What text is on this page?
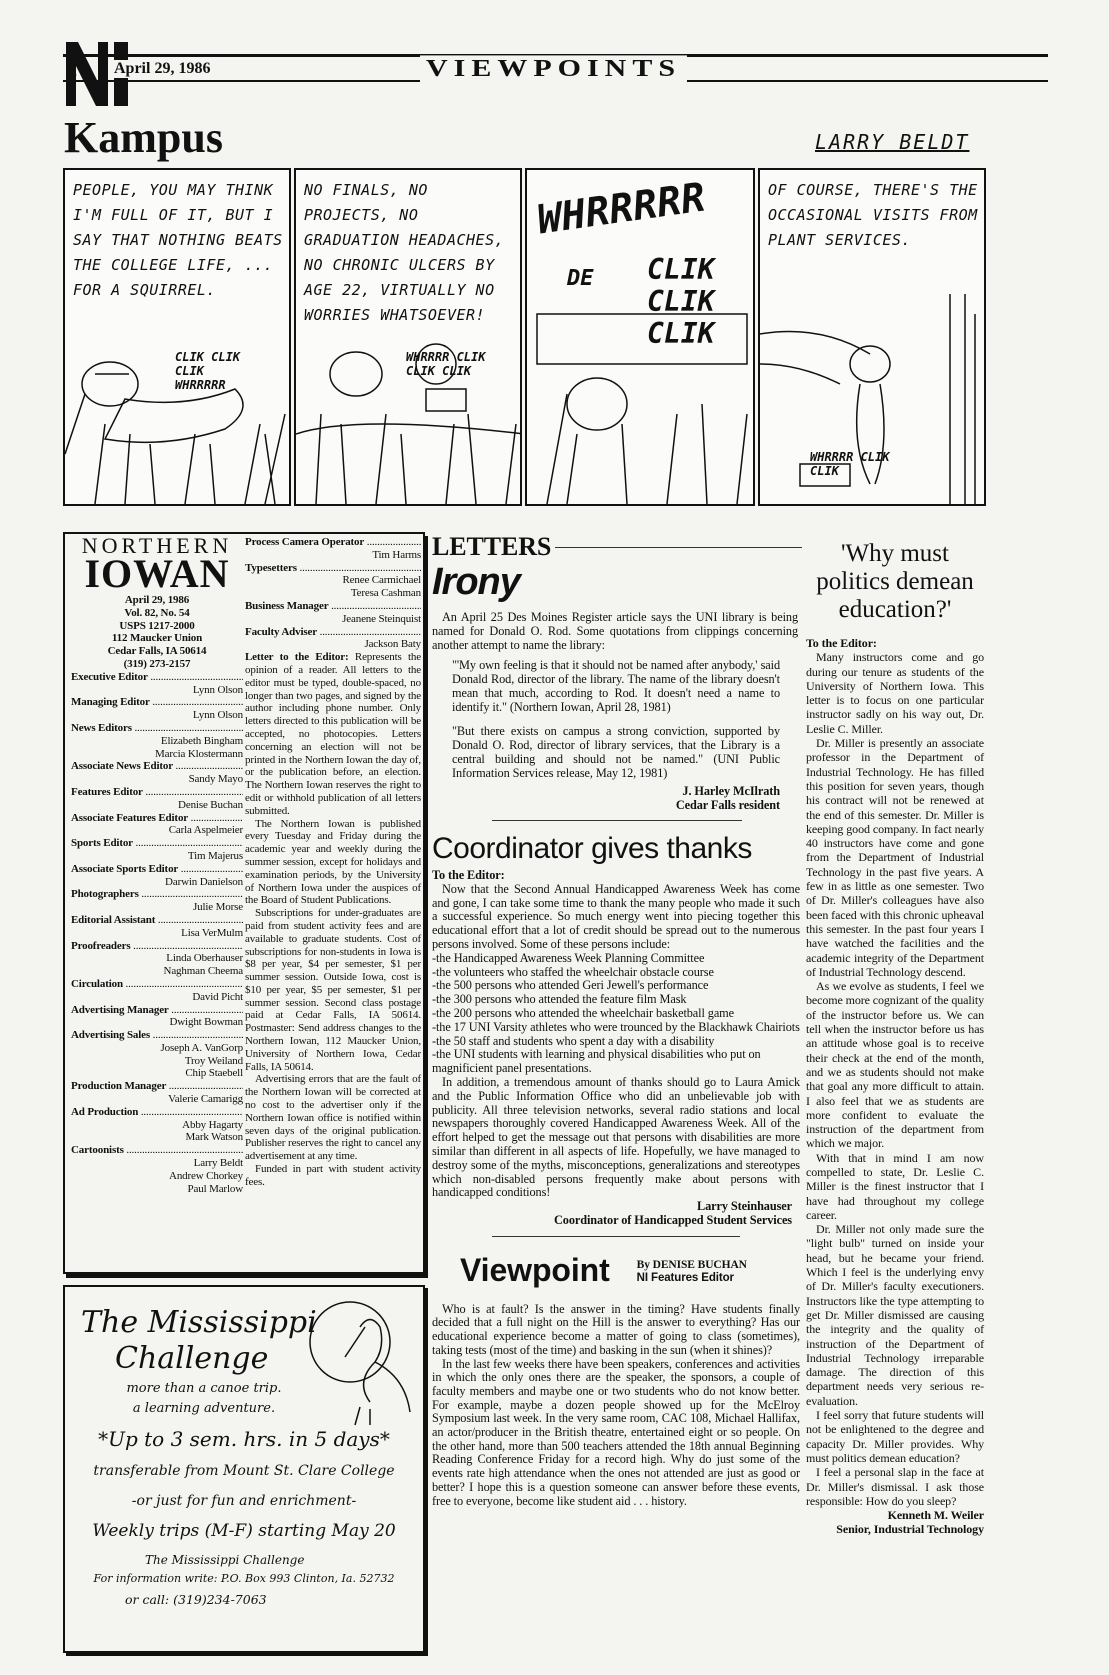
2 April 29, 1986	VIEWPOINTS
Kampus	LARRY BELDT
PEOPLE, YOU MAY THINK I'M FULL OF IT, BUT I SAY THAT NOTHING BEATS THE COLLEGE LIFE, ... FOR A SQUIRREL.
CLIK CLIK CLIK WHRRRRR
NO FINALS, NO PROJECTS, NO GRADUATION HEADACHES, NO CHRONIC ULCERS BY AGE 22, VIRTUALLY NO WORRIES WHATSOEVER!
WHRRRR CLIK CLIK CLIK
WHRRRRR
CLIK CLIK CLIK
DE
OF COURSE, THERE'S THE OCCASIONAL VISITS FROM PLANT SERVICES.
WHRRRR CLIK CLIK
NORTHERN
IOWAN
April 29, 1986
Vol. 82, No. 54
USPS 1217-2000
112 Maucker Union
Cedar Falls, IA 50614
(319) 273-2157
Executive Editor .....
Lynn Olson
Managing Editor .....
Lynn Olson
News Editors .....
Elizabeth Bingham
Marcia Klostermann
Associate News Editor .....
Sandy Mayo
Features Editor .....
Denise Buchan
Associate Features Editor .....
Carla Aspelmeier
Sports Editor .....
Tim Majerus
Associate Sports Editor .....
Darwin Danielson
Photographers .....
Julie Morse
Editorial Assistant .....
Lisa VerMulm
Proofreaders .....
Linda Oberhauser
Naghman Cheema
Circulation .....
David Picht
Advertising Manager .....
Dwight Bowman
Advertising Sales .....
Joseph A. VanGorp
Troy Weiland
Chip Staebell
Production Manager .....
Valerie Camarigg
Ad Production .....
Abby Hagarty
Mark Watson
Cartoonists .....
Larry Beldt
Andrew Chorkey
Paul Marlow
Process Camera Operator .....
Tim Harms
Typesetters .....
Renee Carmichael
Teresa Cashman
Business Manager .....
Jeanene Steinquist
Faculty Adviser .....
Jackson Baty
Letter to the Editor: Represents the opinion of a reader. All letters to the editor must be typed, double-spaced, no longer than two pages, and signed by the author including phone number. Only letters directed to this publication will be accepted, no photocopies. Letters concerning an election will not be printed in the Northern Iowan the day of, or the publication before, an election. The Northern Iowan reserves the right to edit or withhold publication of all letters submitted.
The Northern Iowan is published every Tuesday and Friday during the academic year and weekly during the summer session, except for holidays and examination periods, by the University of Northern Iowa under the auspices of the Board of Student Publications.
Subscriptions for under-graduates are paid from student activity fees and are available to graduate students. Cost of subscriptions for non-students in Iowa is $8 per year, $4 per semester, $1 per summer session. Outside Iowa, cost is $10 per year, $5 per semester, $1 per summer session. Second class postage paid at Cedar Falls, IA 50614. Postmaster: Send address changes to the Northern Iowan, 112 Maucker Union, University of Northern Iowa, Cedar Falls, IA 50614.
Advertising errors that are the fault of the Northern Iowan will be corrected at no cost to the advertiser only if the Northern Iowan office is notified within seven days of the original publication. Publisher reserves the right to cancel any advertisement at any time.
Funded in part with student activity fees.
The Mississippi
Challenge
more than a canoe trip.
a learning adventure.
*Up to 3 sem. hrs. in 5 days*
transferable from Mount St. Clare College
-or just for fun and enrichment-
Weekly trips (M-F) starting May 20
The Mississippi Challenge
For information write: P.O. Box 993 Clinton, Ia. 52732
or call: (319)234-7063
LETTERS
Irony
An April 25 Des Moines Register article says the UNI library is being named for Donald O. Rod. Some quotations from clippings concerning another attempt to name the library:
"'My own feeling is that it should not be named after anybody,' said Donald Rod, director of the library. The name of the library doesn't mean that much, according to Rod. It doesn't need a name to identify it." (Northern Iowan, April 28, 1981)
"But there exists on campus a strong conviction, supported by Donald O. Rod, director of library services, that the Library is a central building and should not be named." (UNI Public Information Services release, May 12, 1981)
J. Harley McIlrath
Cedar Falls resident
Coordinator gives thanks
To the Editor:
Now that the Second Annual Handicapped Awareness Week has come and gone, I can take some time to thank the many people who made it such a successful experience. So much energy went into piecing together this educational effort that a lot of credit should be spread out to the numerous persons involved. Some of these persons include:
-the Handicapped Awareness Week Planning Committee
-the volunteers who staffed the wheelchair obstacle course
-the 500 persons who attended Geri Jewell's performance
-the 300 persons who attended the feature film Mask
-the 200 persons who attended the wheelchair basketball game
-the 17 UNI Varsity athletes who were trounced by the Blackhawk Chairiots
-the 50 staff and students who spent a day with a disability
-the UNI students with learning and physical disabilities who put on magnificient panel presentations.
In addition, a tremendous amount of thanks should go to Laura Amick and the Public Information Office who did an unbelievable job with publicity. All three television networks, several radio stations and local newspapers thoroughly covered Handicapped Awareness Week. All of the effort helped to get the message out that persons with disabilities are more similar than different in all aspects of life. Hopefully, we have managed to destroy some of the myths, misconceptions, generalizations and stereotypes which non-disabled persons frequently make about persons with handicapped conditions!
Larry Steinhauser
Coordinator of Handicapped Student Services
Viewpoint By DENISE BUCHAN
NI Features Editor
Who is at fault? Is the answer in the timing? Have students finally decided that a full night on the Hill is the answer to everything? Has our educational experience become a matter of going to class (sometimes), taking tests (most of the time) and basking in the sun (when it shines)?
In the last few weeks there have been speakers, conferences and activities in which the only ones there are the speaker, the sponsors, a couple of faculty members and maybe one or two students who do not know better. For example, maybe a dozen people showed up for the McElroy Symposium last week. In the very same room, CAC 108, Michael Hallifax, an actor/producer in the British theatre, entertained eight or so people. On the other hand, more than 500 teachers attended the 18th annual Beginning Reading Conference Friday for a record high. Why do just some of the events rate high attendance when the ones not attended are just as good or better? I hope this is a question someone can answer before these events, free to everyone, become like student aid . . . history.
'Why must politics demean education?'
To the Editor:
Many instructors come and go during our tenure as students of the University of Northern Iowa. This letter is to focus on one particular instructor sadly on his way out, Dr. Leslie C. Miller.
Dr. Miller is presently an associate professor in the Department of Industrial Technology. He has filled this position for seven years, though his contract will not be renewed at the end of this semester. Dr. Miller is keeping good company. In fact nearly 40 instructors have come and gone from the Department of Industrial Technology in the past five years. A few in as little as one semester. Two of Dr. Miller's colleagues have also been faced with this chronic upheaval this semester. In the past four years I have watched the facilities and the academic integrity of the Department of Industrial Technology descend.
As we evolve as students, I feel we become more cognizant of the quality of the instructor before us. We can tell when the instructor before us has an attitude whose goal is to receive their check at the end of the month, and we as students should not make that goal any more difficult to attain. I also feel that we as students are more confident to evaluate the instruction of the department from which we major.
With that in mind I am now compelled to state, Dr. Leslie C. Miller is the finest instructor that I have had throughout my college career.
Dr. Miller not only made sure the "light bulb" turned on inside your head, but he became your friend. Which I feel is the underlying envy of Dr. Miller's faculty executioners. Instructors like the type attempting to get Dr. Miller dismissed are causing the integrity and the quality of instruction of the Department of Industrial Technology irreparable damage. The direction of this department needs very serious re-evaluation.
I feel sorry that future students will not be enlightened to the degree and capacity Dr. Miller provides. Why must politics demean education?
I feel a personal slap in the face at Dr. Miller's dismissal. I ask those responsible: How do you sleep?
Kenneth M. Weiler
Senior, Industrial Technology
